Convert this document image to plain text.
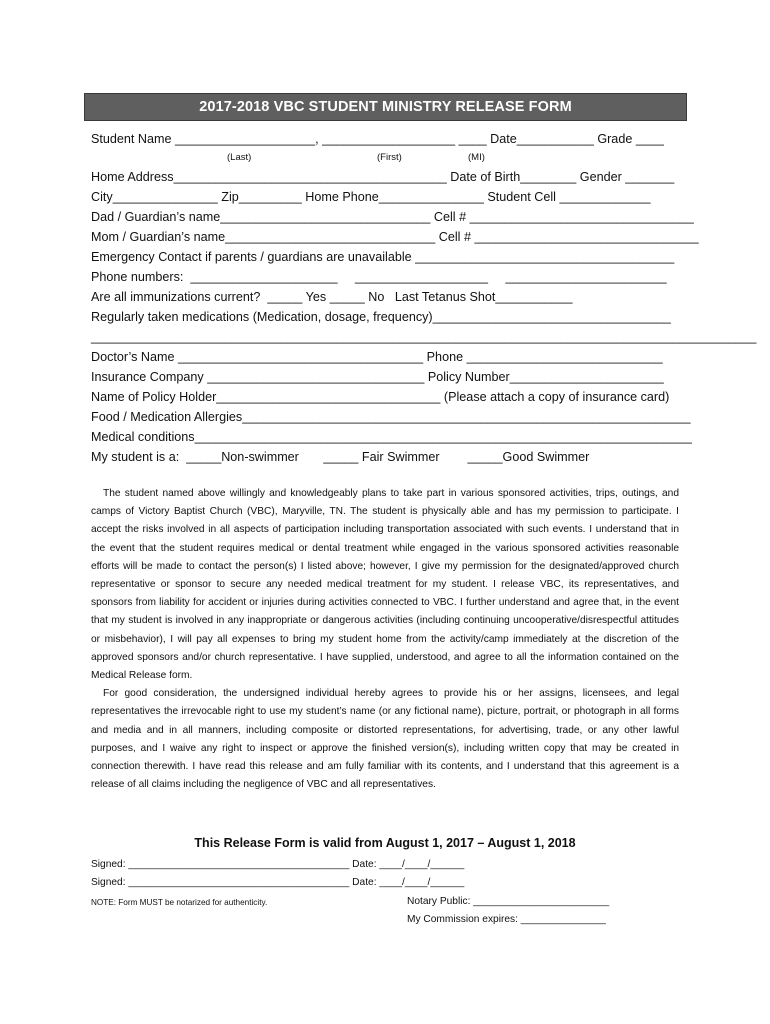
2017-2018 VBC STUDENT MINISTRY RELEASE FORM
Student Name ____________________, ___________________ ____ Date___________ Grade ____

(Last)

	(First)

	(MI)

Home Address_______________________________________ Date of Birth________ Gender _______
City_______________ Zip_________ Home Phone_______________ Student Cell _____________
Dad / Guardian’s name______________________________ Cell # ________________________________
Mom / Guardian’s name______________________________ Cell # ________________________________
Emergency Contact if parents / guardians are unavailable _____________________________________
Phone numbers:  _____________________     ___________________     _______________________
Are all immunizations current?  _____ Yes _____ No   Last Tetanus Shot___________
Regularly taken medications (Medication, dosage, frequency)__________________________________
_______________________________________________________________________________________________
Doctor’s Name ___________________________________ Phone ____________________________
Insurance Company _______________________________ Policy Number______________________
Name of Policy Holder________________________________ (Please attach a copy of insurance card)
Food / Medication Allergies________________________________________________________________
Medical conditions_______________________________________________________________________
My student is a:  _____Non-swimmer       _____ Fair Swimmer        _____Good Swimmer

The student named above willingly and knowledgeably plans to take part in various sponsored activities, trips, outings, and camps of Victory Baptist Church (VBC), Maryville, TN. The student is physically able and has my permission to participate. I accept the risks involved in all aspects of participation including transportation associated with such events. I understand that in the event that the student requires medical or dental treatment while engaged in the various sponsored activities reasonable efforts will be made to contact the person(s) I listed above; however, I give my permission for the designated/approved church representative or sponsor to secure any needed medical treatment for my student. I release VBC, its representatives, and sponsors from liability for accident or injuries during activities connected to VBC. I further understand and agree that, in the event that my student is involved in any inappropriate or dangerous activities (including continuing uncooperative/disrespectful attitudes or misbehavior), I will pay all expenses to bring my student home from the activity/camp immediately at the discretion of the approved sponsors and/or church representative. I have supplied, understood, and agree to all the information contained on the Medical Release form.

For good consideration, the undersigned individual hereby agrees to provide his or her assigns, licensees, and legal representatives the irrevocable right to use my student’s name (or any fictional name), picture, portrait, or photograph in all forms and media and in all manners, including composite or distorted representations, for advertising, trade, or any other lawful purposes, and I waive any right to inspect or approve the finished version(s), including written copy that may be created in connection therewith. I have read this release and am fully familiar with its contents, and I understand that this agreement is a release of all claims including the negligence of VBC and all representatives.

This Release Form is valid from August 1, 2017 – August 1, 2018
Signed: _______________________________________ Date: ____/____/______
Signed: _______________________________________ Date: ____/____/______
NOTE: Form MUST be notarized for authenticity.	Notary Public: ________________________
My Commission expires: _______________
